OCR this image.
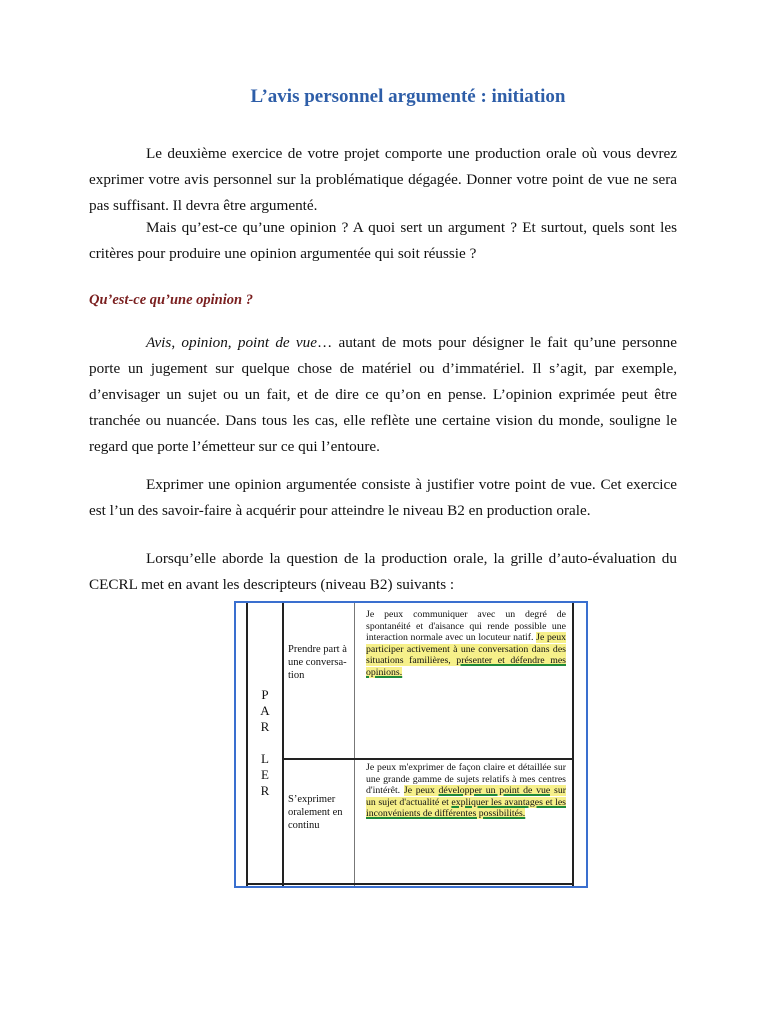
L’avis personnel argumenté : initiation

Le deuxième exercice de votre projet comporte une production orale où vous devrez exprimer votre avis personnel sur la problématique dégagée. Donner votre point de vue ne sera pas suffisant. Il devra être argumenté.

Mais qu’est-ce qu’une opinion ? A quoi sert un argument ? Et surtout, quels sont les critères pour produire une opinion argumentée qui soit réussie ?

Qu’est-ce qu’une opinion ?

Avis, opinion, point de vue… autant de mots pour désigner le fait qu’une personne porte un jugement sur quelque chose de matériel ou d’immatériel. Il s’agit, par exemple, d’envisager un sujet ou un fait, et de dire ce qu’on en pense. L’opinion exprimée peut être tranchée ou nuancée. Dans tous les cas, elle reflète une certaine vision du monde, souligne le regard que porte l’émetteur sur ce qui l’entoure.

Exprimer une opinion argumentée consiste à justifier votre point de vue. Cet exercice est l’un des savoir-faire à acquérir pour atteindre le niveau B2 en production orale.

Lorsqu’elle aborde la question de la production orale, la grille d’auto-évaluation du CECRL met en avant les descripteurs (niveau B2) suivants :

P
A
R
L
E
R
Prendre part à une conversa-tion
S’exprimer oralement en continu
Je peux communiquer avec un degré de spontanéité et d'aisance qui rende possible une interaction normale avec un locuteur natif. Je peux participer activement à une conversation dans des situations familières, présenter et défendre mes opinions.
Je peux m'exprimer de façon claire et détaillée sur une grande gamme de sujets relatifs à mes centres d'intérêt. Je peux développer un point de vue sur un sujet d'actualité et expliquer les avantages et les inconvénients de différentes possibilités.
